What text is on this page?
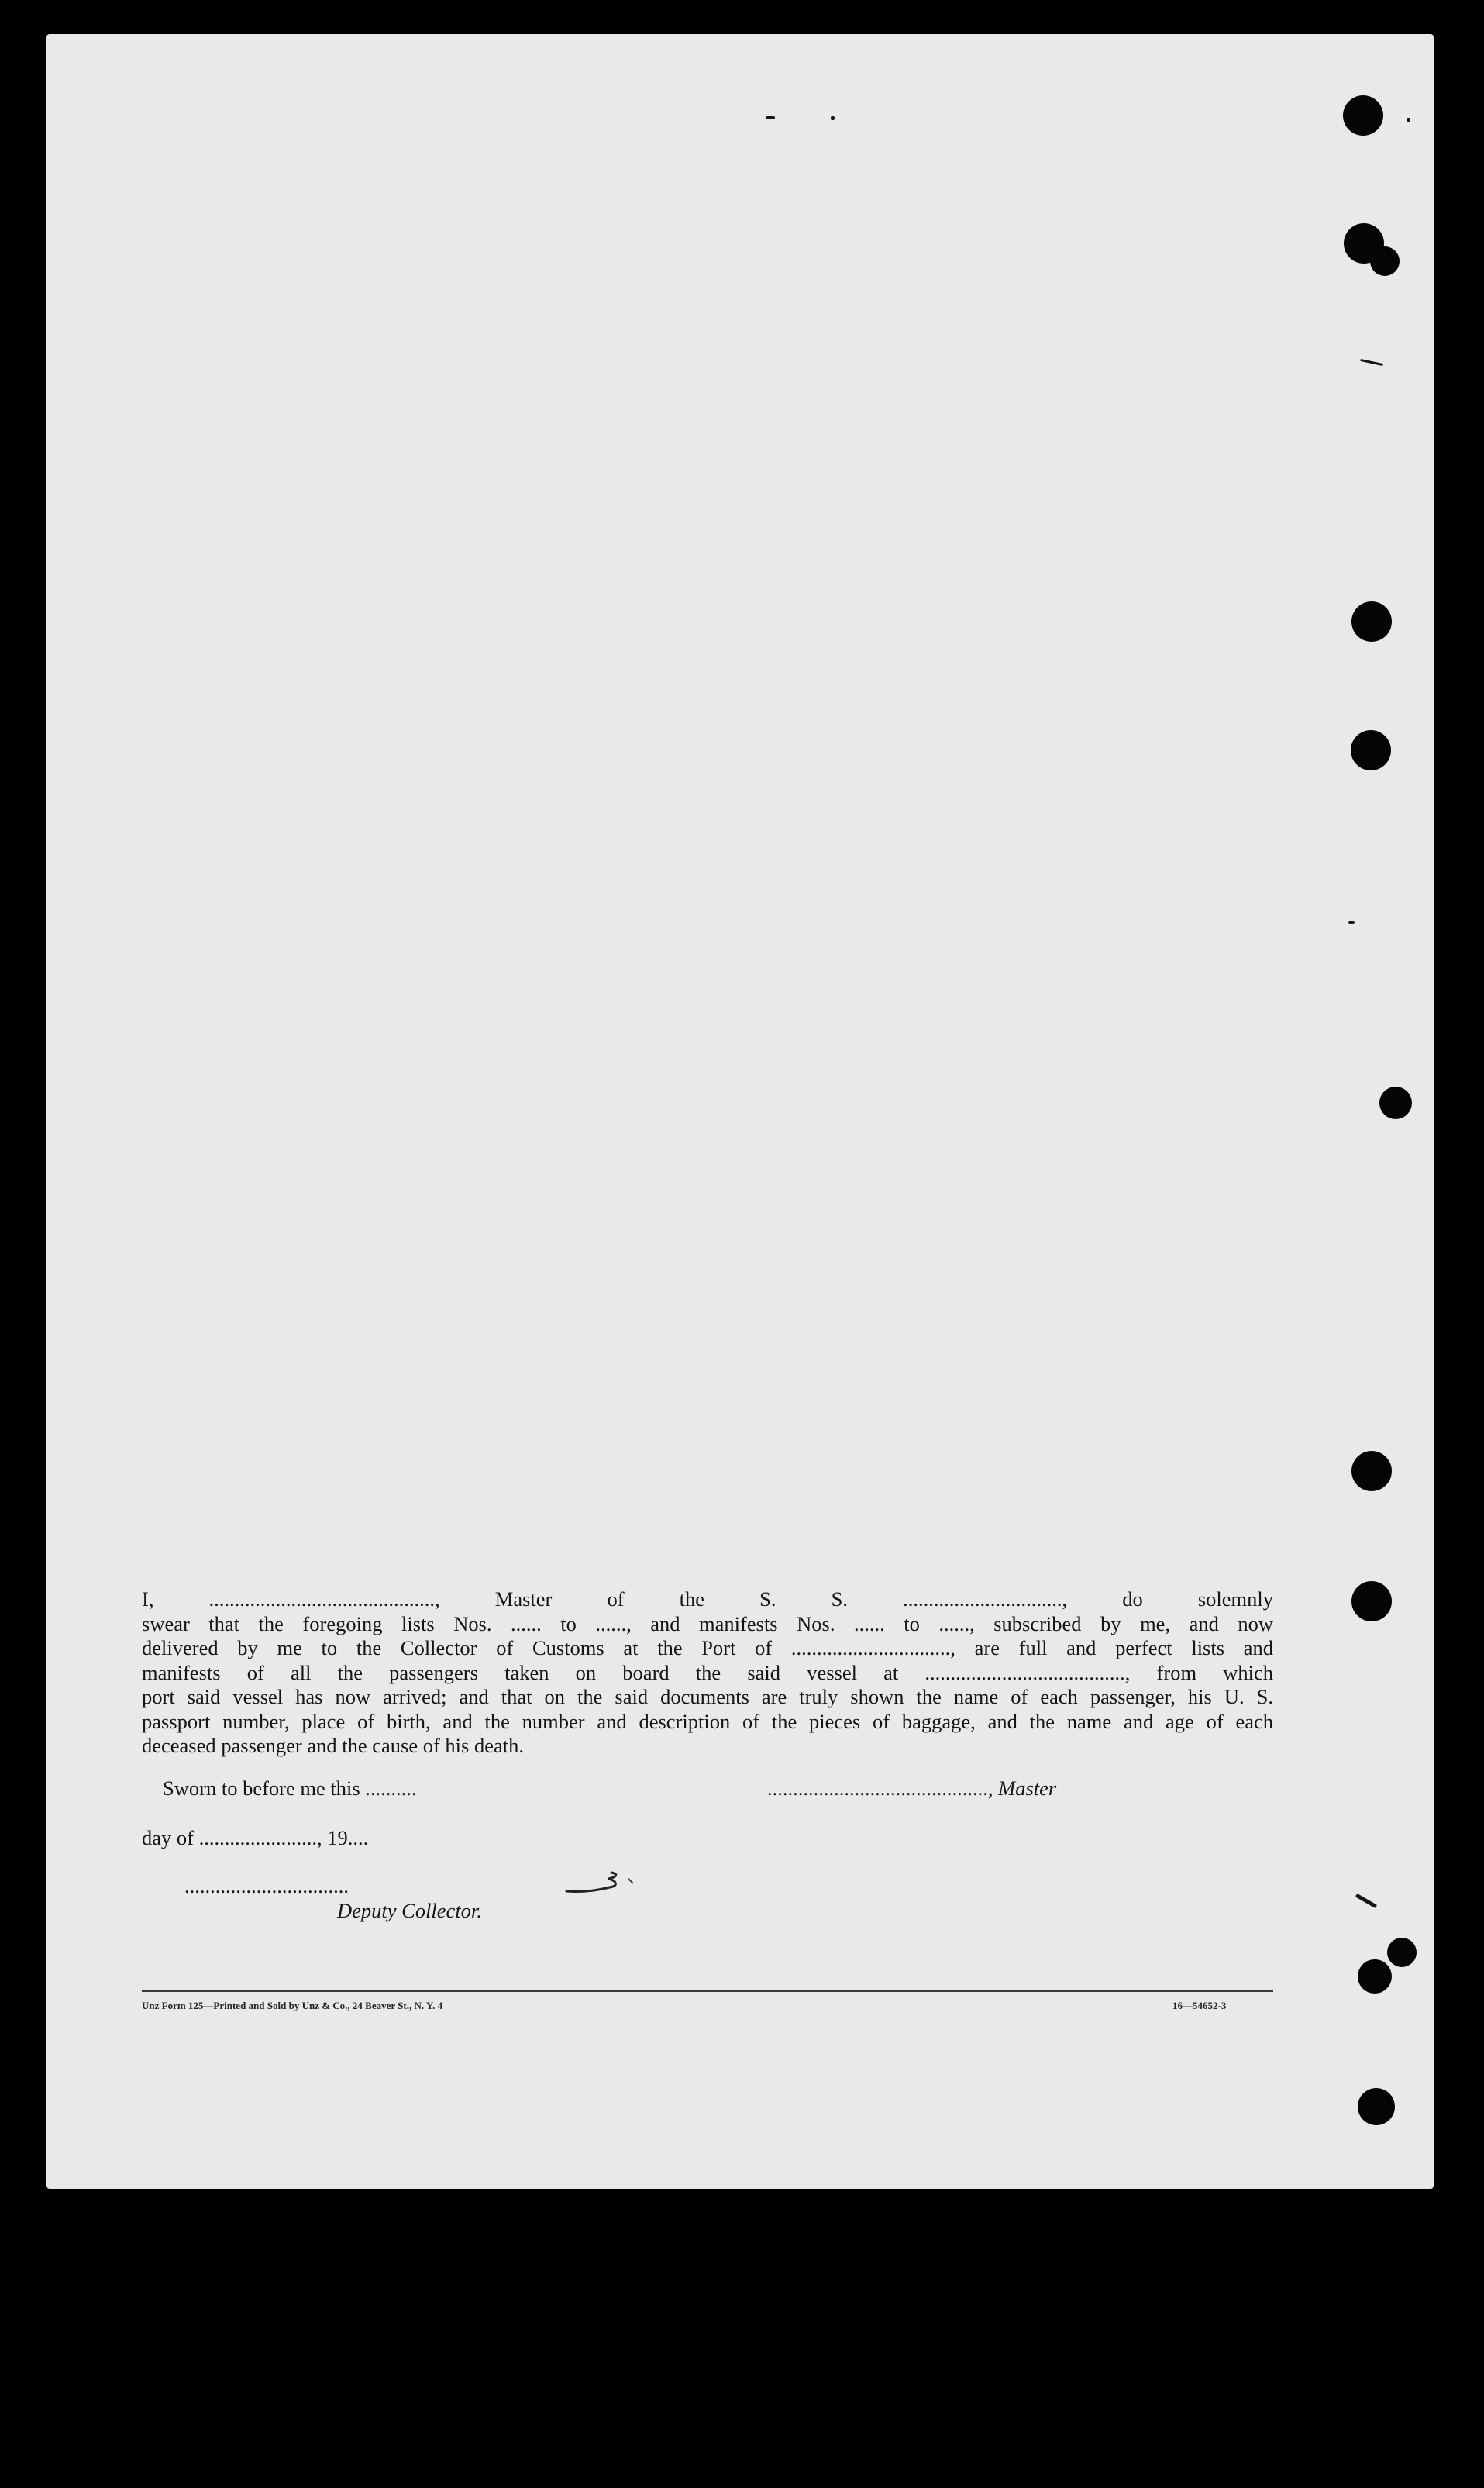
I, ............................................, Master of the S. S. ..............................., do solemnly
swear that the foregoing lists Nos. ...... to ......, and manifests Nos. ...... to ......, subscribed by me, and now
delivered by me to the Collector of Customs at the Port of ..............................., are full and perfect lists and
manifests of all the passengers taken on board the said vessel at ......................................., from which
port said vessel has now arrived; and that on the said documents are truly shown the name of each passenger, his U. S.
passport number, place of birth, and the number and description of the pieces of baggage, and the name and age of each
deceased passenger and the cause of his death.
Sworn to before me this ..........	..........................................., Master
day of ......................., 19....
................................
Deputy Collector.
Unz Form 125—Printed and Sold by Unz & Co., 24 Beaver St., N. Y. 4	16—54652-3
